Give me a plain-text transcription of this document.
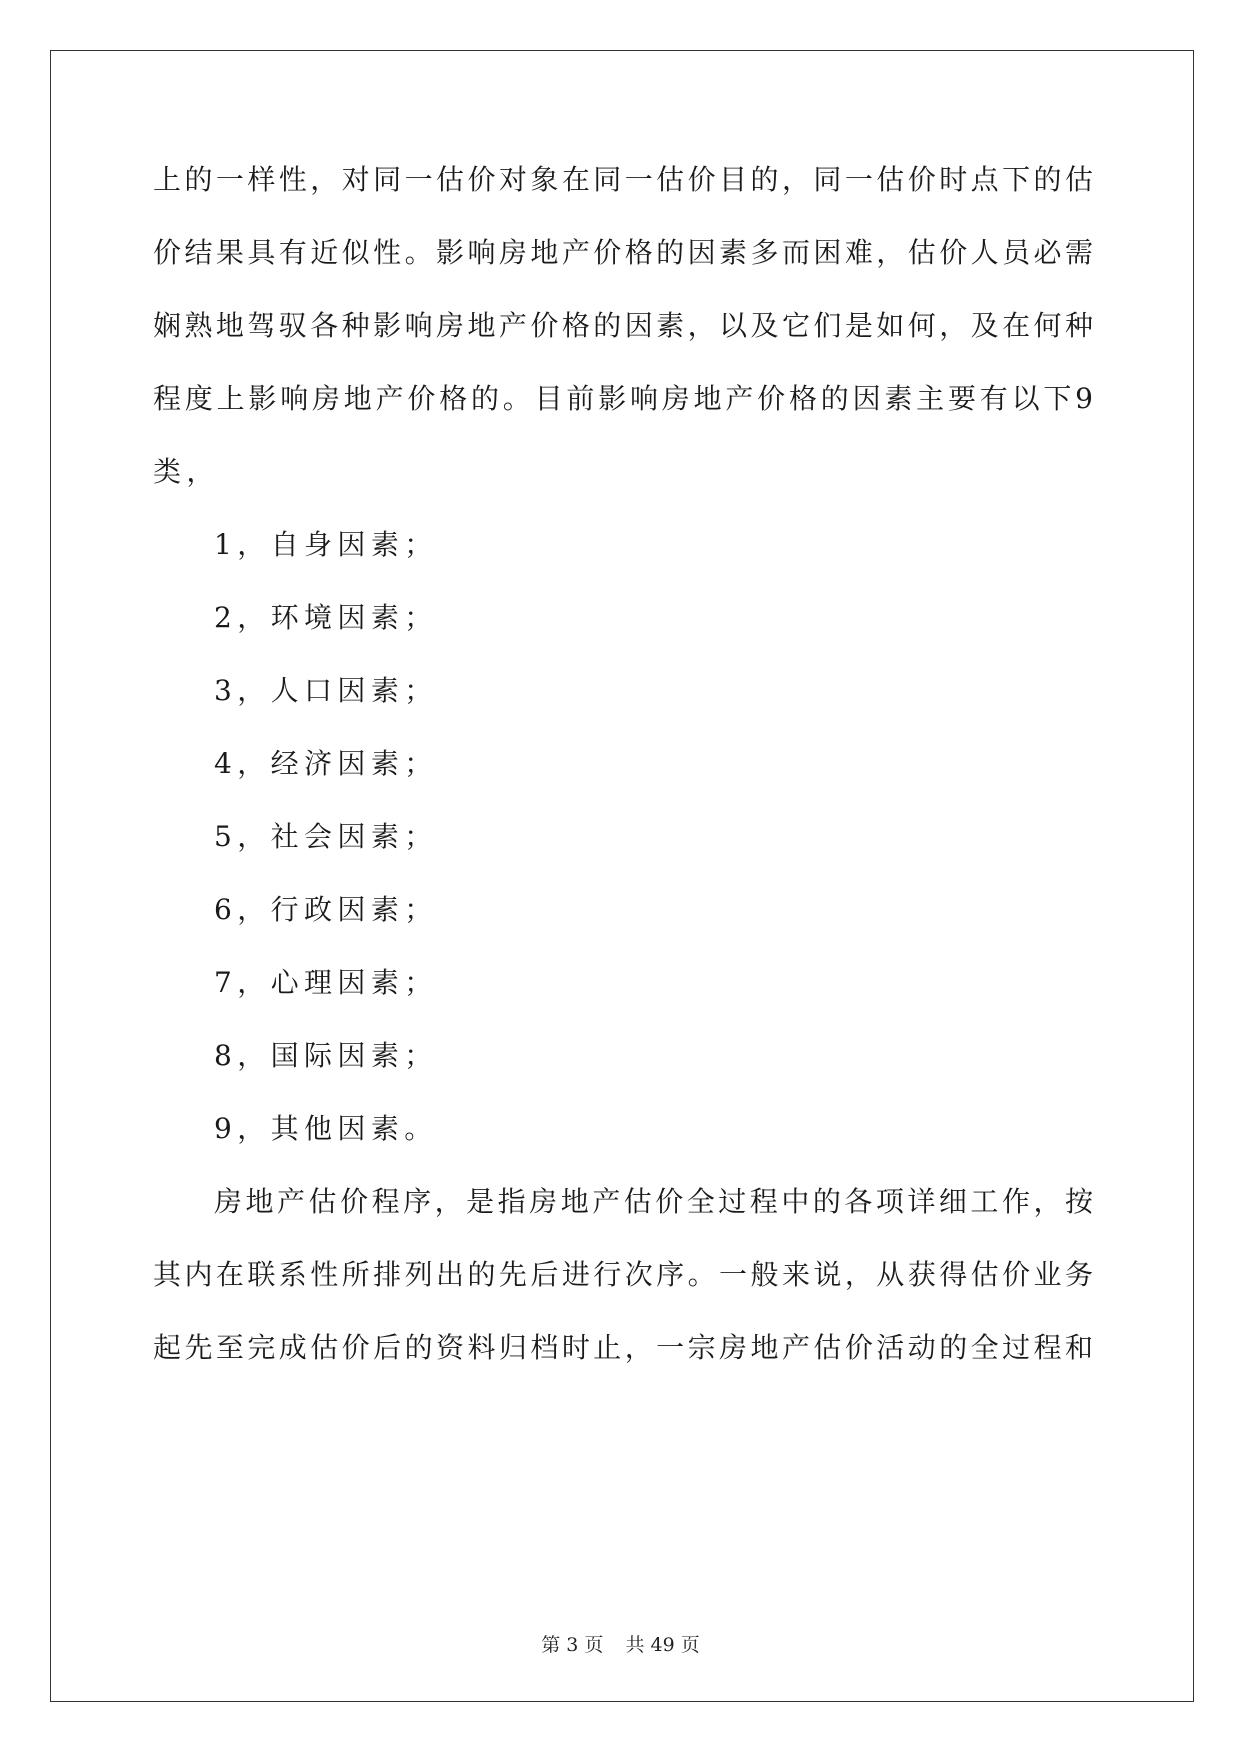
上的一样性，对同一估价对象在同一估价目的，同一估价时点下的估
价结果具有近似性。影响房地产价格的因素多而困难，估价人员必需
娴熟地驾驭各种影响房地产价格的因素，以及它们是如何，及在何种
程度上影响房地产价格的。目前影响房地产价格的因素主要有以下9
类，
1，自身因素；
2，环境因素；
3，人口因素；
4，经济因素；
5，社会因素；
6，行政因素；
7，心理因素；
8，国际因素；
9，其他因素。
房地产估价程序，是指房地产估价全过程中的各项详细工作，按
其内在联系性所排列出的先后进行次序。一般来说，从获得估价业务
起先至完成估价后的资料归档时止，一宗房地产估价活动的全过程和
第 3 页 共 49 页
